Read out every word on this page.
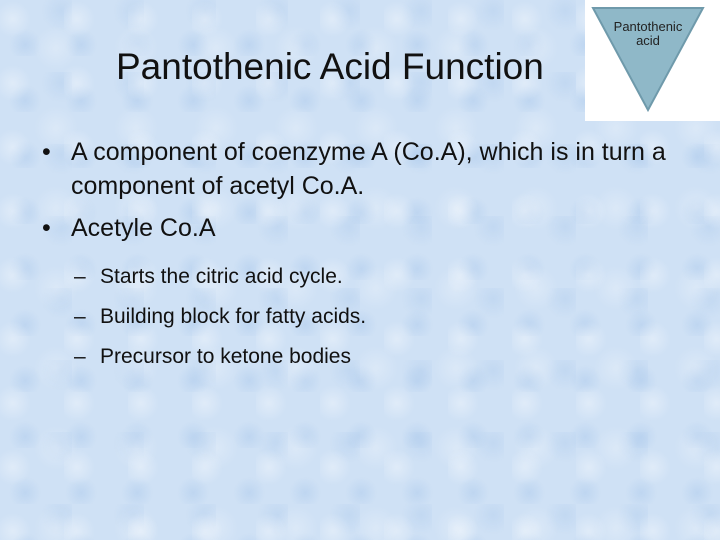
Pantothenic Acid Function
Pantothenic
acid
• A component of coenzyme A (Co.A), which is in turn a component of acetyl Co.A.
• Acetyle Co.A
– Starts the citric acid cycle.
– Building block for fatty acids.
– Precursor to ketone bodies
